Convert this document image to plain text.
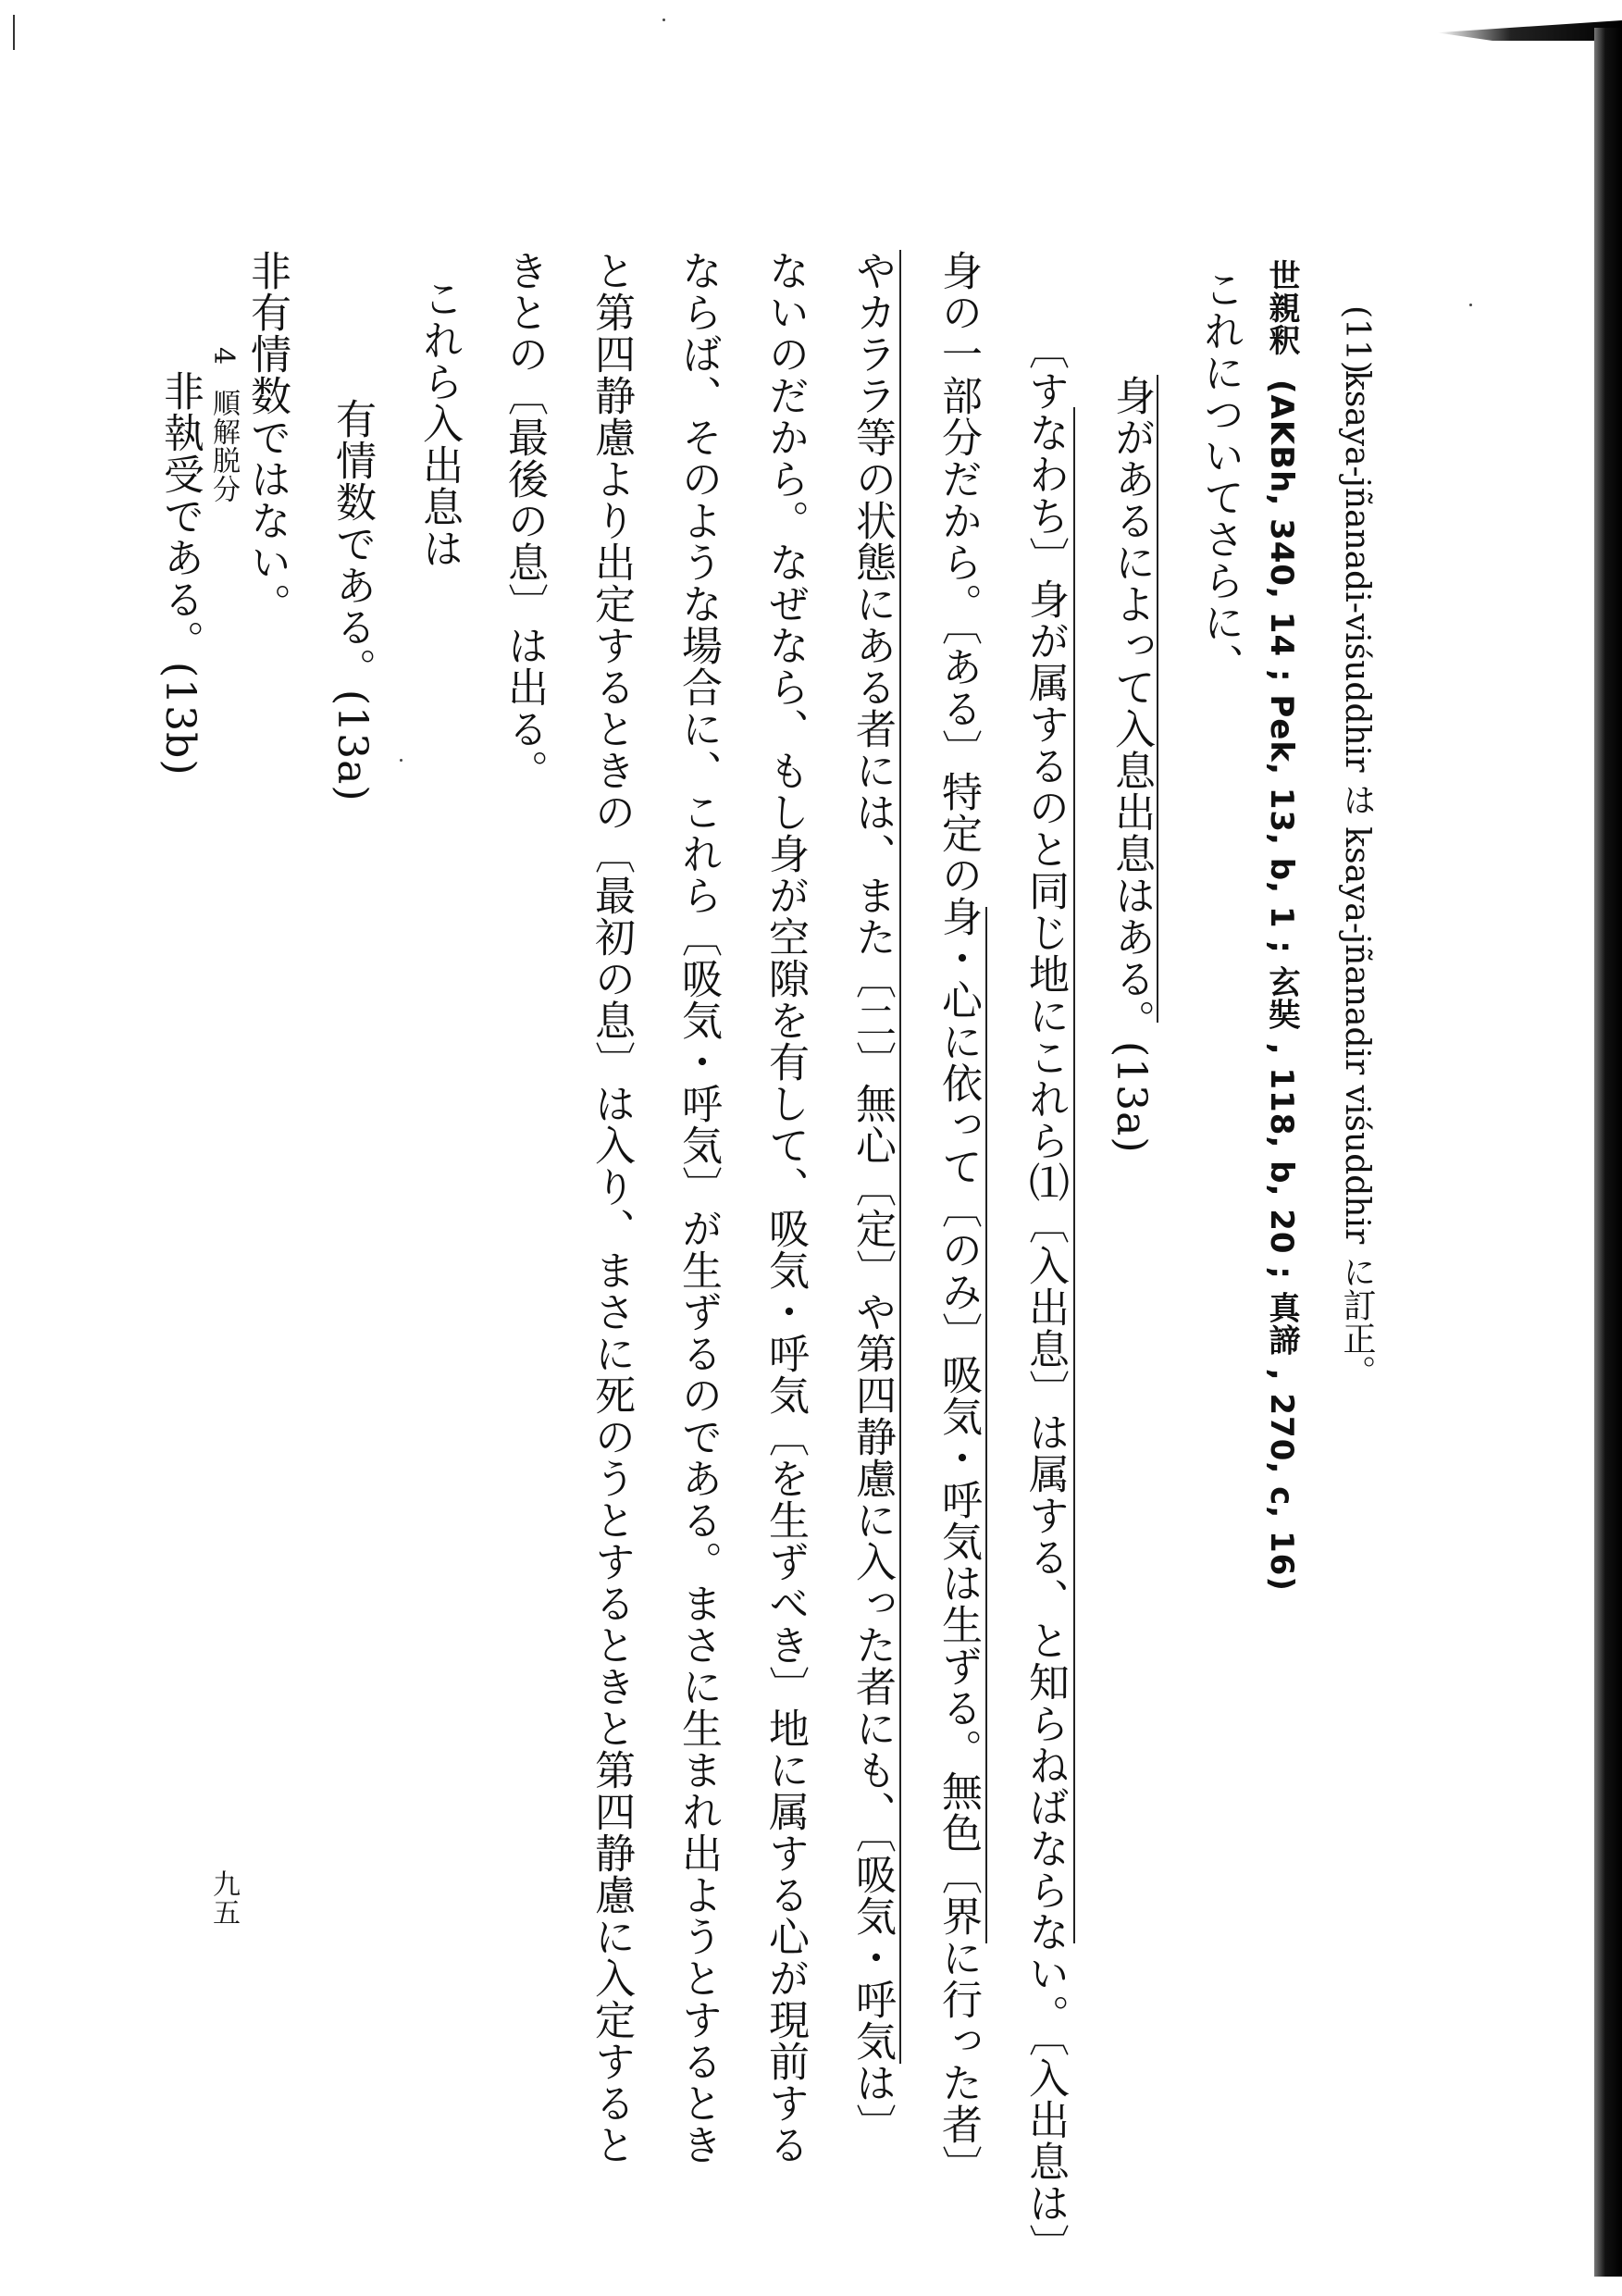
(11)
ksaya-jñanadi-viśuddhir は ksaya-jñanadir viśuddhir に訂正。
世親釈
(AKBh, 340, 14 ; Pek, 13, b, 1 ; 玄奘 , 118, b, 20 ; 真諦 , 270, c, 16)
これについてさらに、
身があるによって入息出息はある。(13a)
〔すなわち〕身が属するのと同じ地にこれら⑴〔入出息〕は属する、と知らねばならない。〔入出息は〕
身の一部分だから。〔ある〕特定の身・心に依って〔のみ〕吸気・呼気は生ずる。無色〔界に行った者〕
やカララ等の状態にある者には、また〔二〕無心〔定〕や第四静慮に入った者にも、〔吸気・呼気は〕
ないのだから。なぜなら、もし身が空隙を有して、吸気・呼気〔を生ずべき〕地に属する心が現前する
ならば、そのような場合に、これら〔吸気・呼気〕が生ずるのである。まさに生まれ出ようとするとき
と第四静慮より出定するときの〔最初の息〕は入り、まさに死のうとするときと第四静慮に入定すると
きとの〔最後の息〕は出る。
これら入出息は
有情数である。(13a)
非有情数ではない。
非執受である。(13b)
4
順解脱分
九五
